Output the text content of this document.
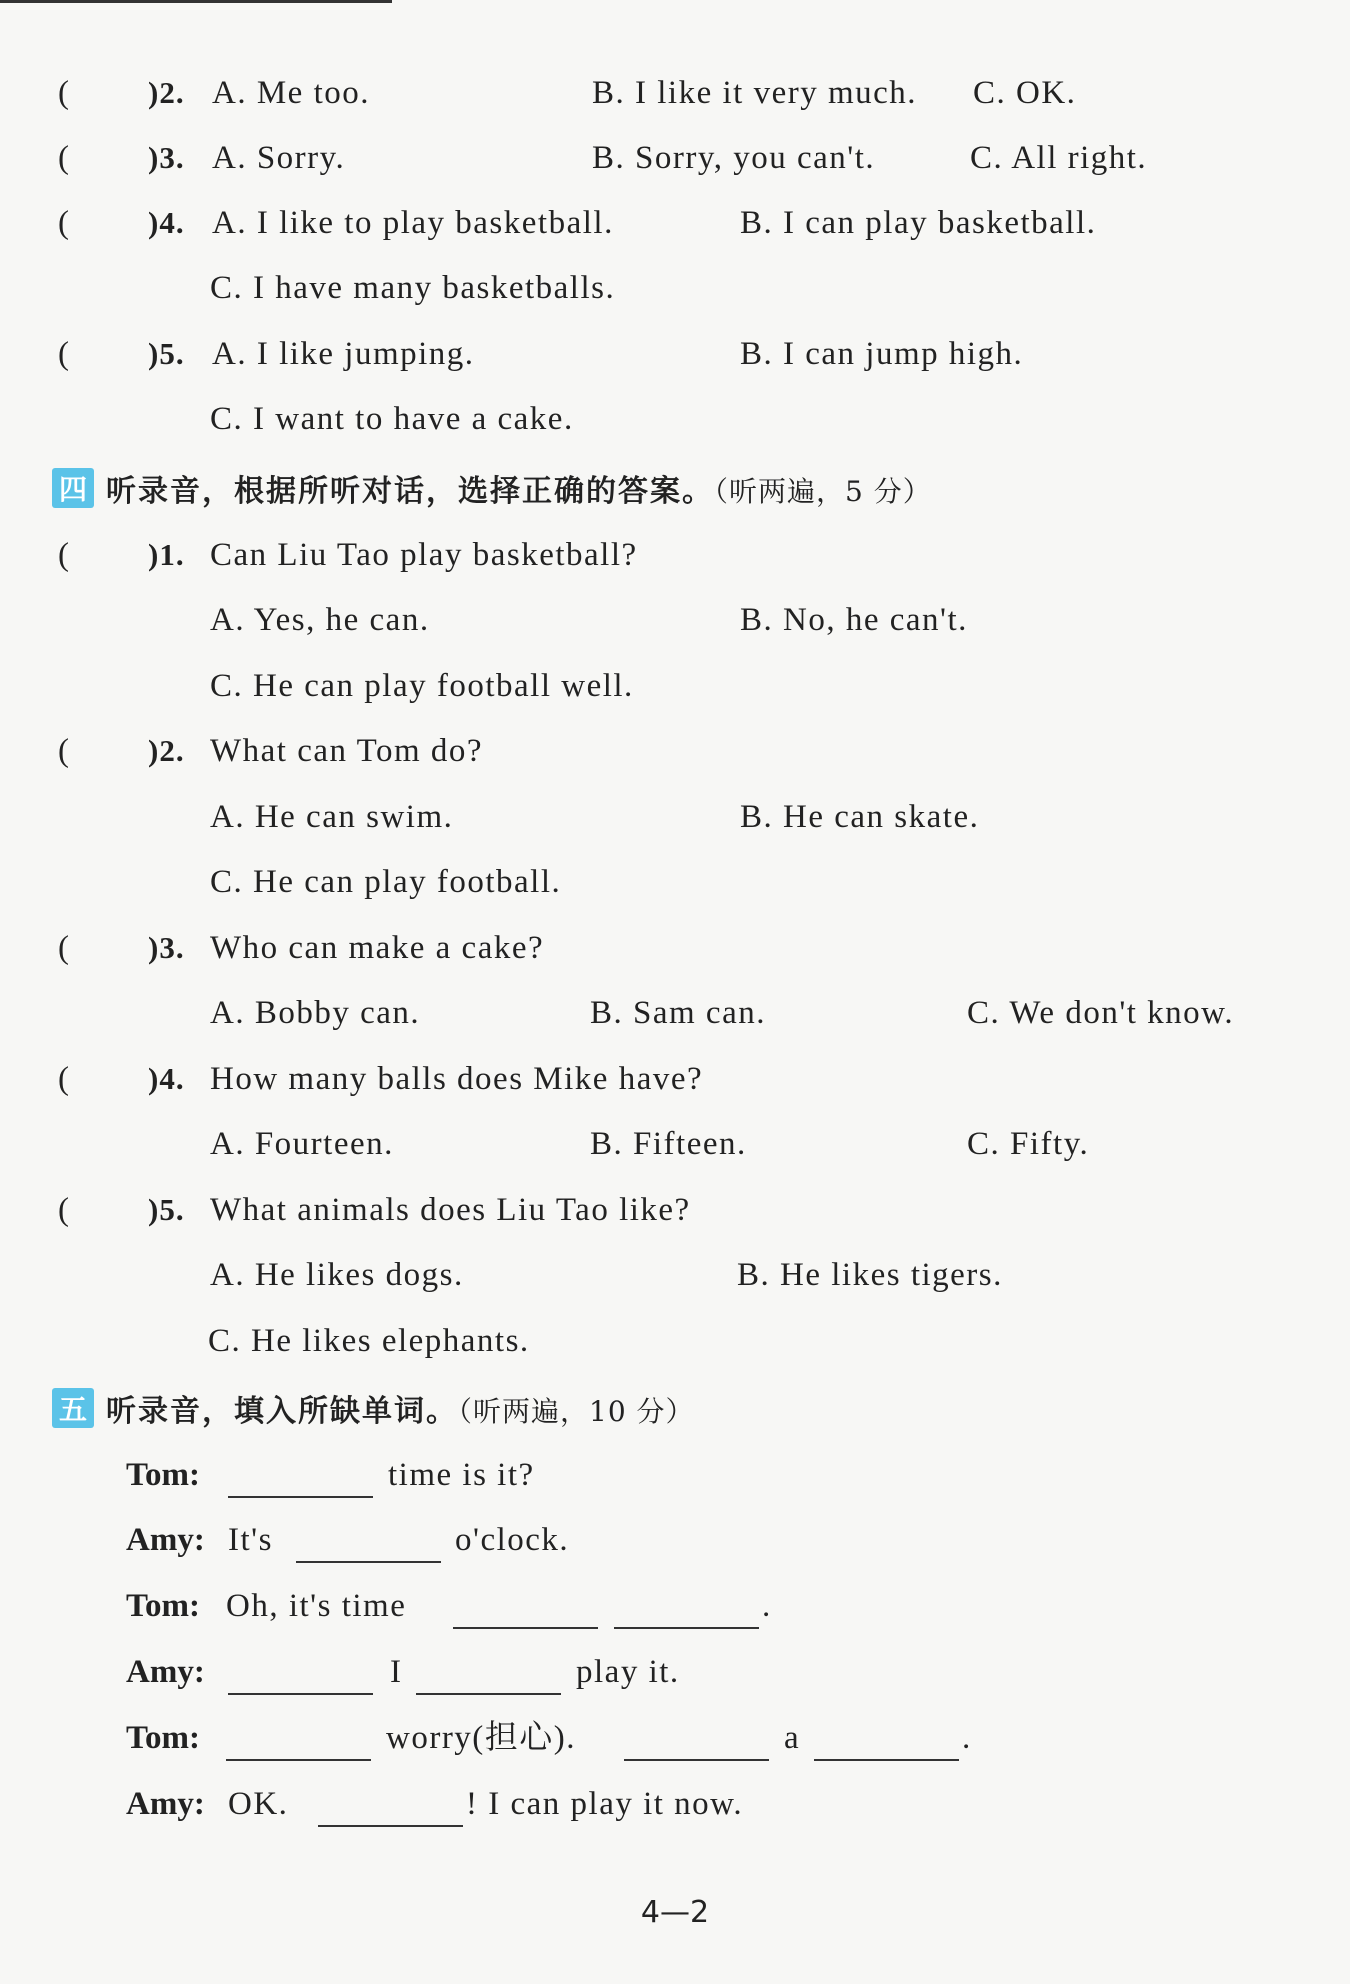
(	)2. A. Me too.	B. I like it very much. C. OK.
(	)3. A. Sorry.	B. Sorry, you can't.	C. All right.
(	)4. A. I like to play basketball.	B. I can play basketball.
C. I have many basketballs.
(	)5. A. I like jumping.	B. I can jump high.
C. I want to have a cake.
四 听录音，根据所听对话，选择正确的答案。（听两遍，5 分）
(	)1. Can Liu Tao play basketball?
A. Yes, he can.	B. No, he can't.
C. He can play football well.
(	)2. What can Tom do?
A. He can swim.	B. He can skate.
C. He can play football.
(	)3. Who can make a cake?
A. Bobby can.	B. Sam can.	C. We don't know.
(	)4. How many balls does Mike have?
A. Fourteen.	B. Fifteen.	C. Fifty.
(	)5. What animals does Liu Tao like?
A. He likes dogs.	B. He likes tigers.
C. He likes elephants.
五 听录音，填入所缺单词。（听两遍，10 分）
Tom:	time is it?
Amy: It's	o'clock.
Tom: Oh, it's time	.
Amy:	I	play it.
Tom:	worry(担心).	a	.
Amy: OK.	! I can play it now.
4—2
